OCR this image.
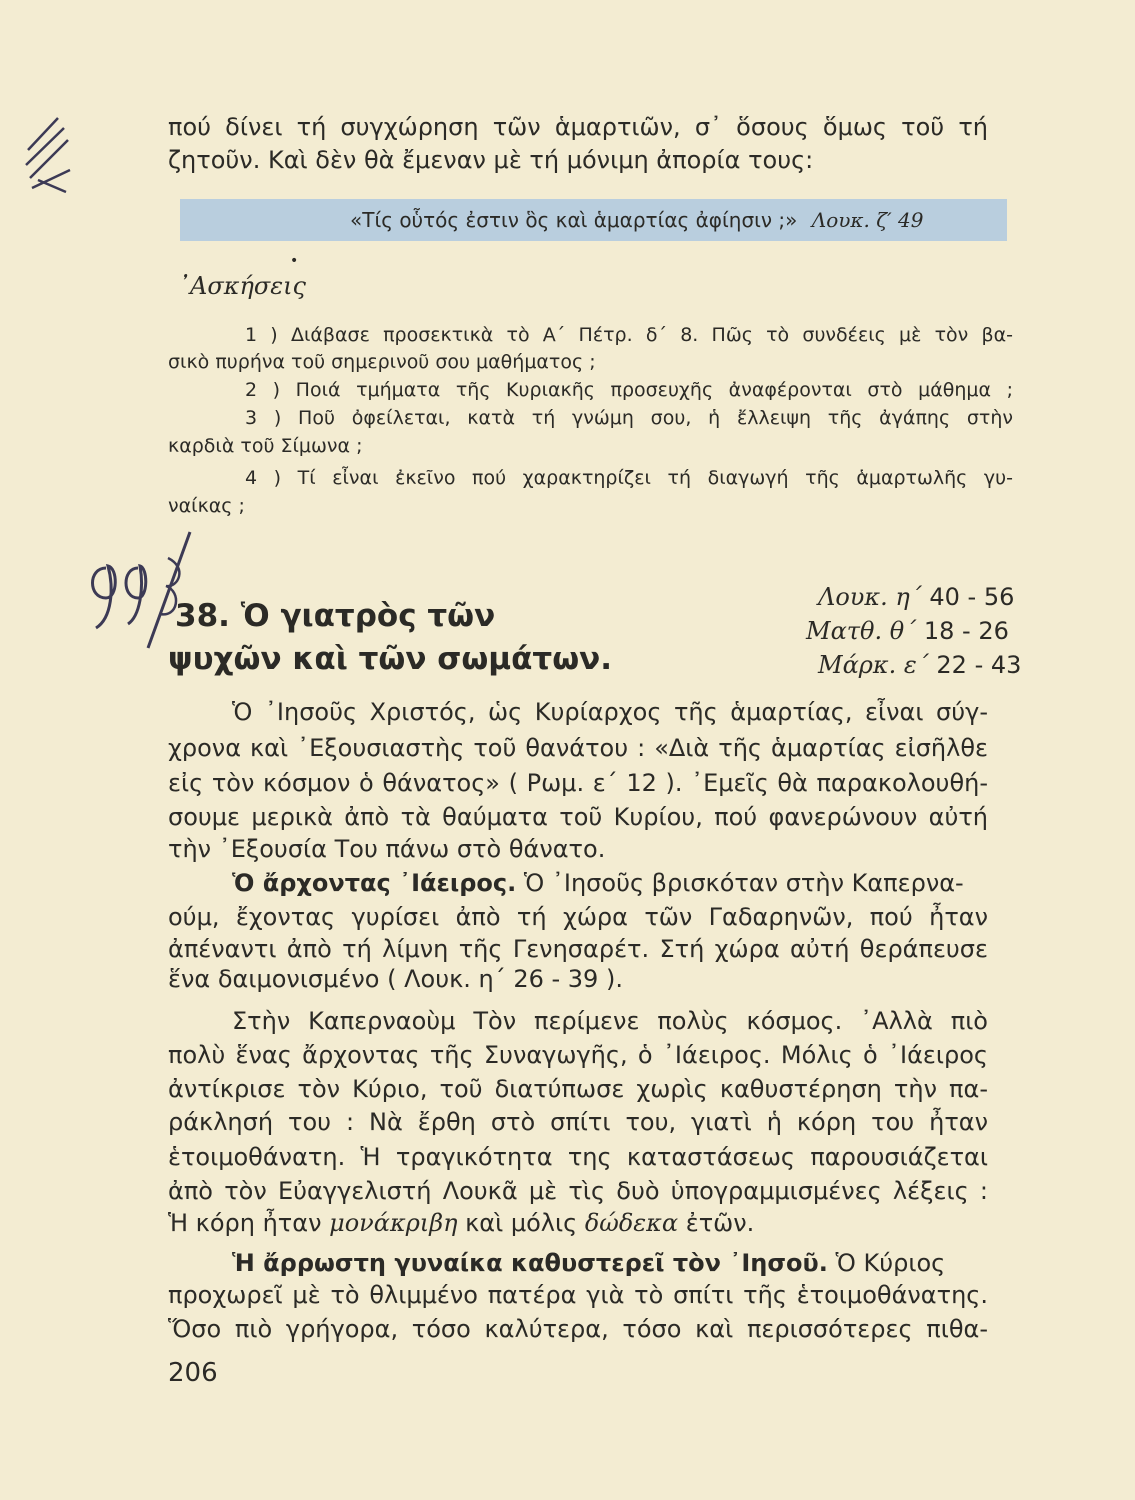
πού δίνει τή συγχώρηση τῶν ἁμαρτιῶν, σ᾿ ὅσους ὅμως τοῦ τή
ζητοῦν. Καὶ δὲν θὰ ἔμεναν μὲ τή μόνιμη ἀπορία τους:
«Τίς οὗτός ἐστιν ὃς καὶ ἁμαρτίας ἀφίησιν ;» Λουκ. ζ′ 49
•
᾿Ασκήσεις
1 ) Διάβασε προσεκτικὰ τὸ Α΄ Πέτρ. δ΄ 8. Πῶς τὸ συνδέεις μὲ τὸν βα-
σικὸ πυρήνα τοῦ σημερινοῦ σου μαθήματος ;
2 ) Ποιά τμήματα τῆς Κυριακῆς προσευχῆς ἀναφέρονται στὸ μάθημα ;
3 ) Ποῦ ὀφείλεται, κατὰ τή γνώμη σου, ἡ ἔλλειψη τῆς ἀγάπης στὴν
καρδιὰ τοῦ Σίμωνα ;
4 ) Τί εἶναι ἐκεῖνο πού χαρακτηρίζει τή διαγωγή τῆς ἁμαρτωλῆς γυ-
ναίκας ;
38. Ὁ γιατρὸς τῶν
ψυχῶν καὶ τῶν σωμάτων.
Λουκ. η΄ 40 - 56
Ματθ. θ΄ 18 - 26
Μάρκ. ε΄ 22 - 43
Ὁ ᾿Ιησοῦς Χριστός, ὡς Κυρίαρχος τῆς ἁμαρτίας, εἶναι σύγ-
χρονα καὶ ᾿Εξουσιαστὴς τοῦ θανάτου : «Διὰ τῆς ἁμαρτίας εἰσῆλθε
εἰς τὸν κόσμον ὁ θάνατος» ( Ρωμ. ε΄ 12 ). ᾿Εμεῖς θὰ παρακολουθή-
σουμε μερικὰ ἀπὸ τὰ θαύματα τοῦ Κυρίου, πού φανερώνουν αὐτή
τὴν ᾿Εξουσία Του πάνω στὸ θάνατο.
Ὁ ἄρχοντας ᾿Ιάειρος. Ὁ ᾿Ιησοῦς βρισκόταν στὴν Καπερνα-
ούμ, ἔχοντας γυρίσει ἀπὸ τή χώρα τῶν Γαδαρηνῶν, πού ἦταν
ἀπέναντι ἀπὸ τή λίμνη τῆς Γενησαρέτ. Στή χώρα αὐτή θεράπευσε
ἕνα δαιμονισμένο ( Λουκ. η΄ 26 - 39 ).
Στὴν Καπερναοὺμ Τὸν περίμενε πολὺς κόσμος. ᾿Αλλὰ πιὸ
πολὺ ἕνας ἄρχοντας τῆς Συναγωγῆς, ὁ ᾿Ιάειρος. Μόλις ὁ ᾿Ιάειρος
ἀντίκρισε τὸν Κύριο, τοῦ διατύπωσε χωρὶς καθυστέρηση τὴν πα-
ράκλησή του : Νὰ ἔρθη στὸ σπίτι του, γιατὶ ἡ κόρη του ἦταν
ἑτοιμοθάνατη. Ἡ τραγικότητα της καταστάσεως παρουσιάζεται
ἀπὸ τὸν Εὐαγγελιστή Λουκᾶ μὲ τὶς δυὸ ὑπογραμμισμένες λέξεις :
Ἡ κόρη ἦταν μονάκριβη καὶ μόλις δώδεκα ἐτῶν.
Ἡ ἄρρωστη γυναίκα καθυστερεῖ τὸν ᾿Ιησοῦ. Ὁ Κύριος
προχωρεῖ μὲ τὸ θλιμμένο πατέρα γιὰ τὸ σπίτι τῆς ἑτοιμοθάνατης.
Ὅσο πιὸ γρήγορα, τόσο καλύτερα, τόσο καὶ περισσότερες πιθα-
206
